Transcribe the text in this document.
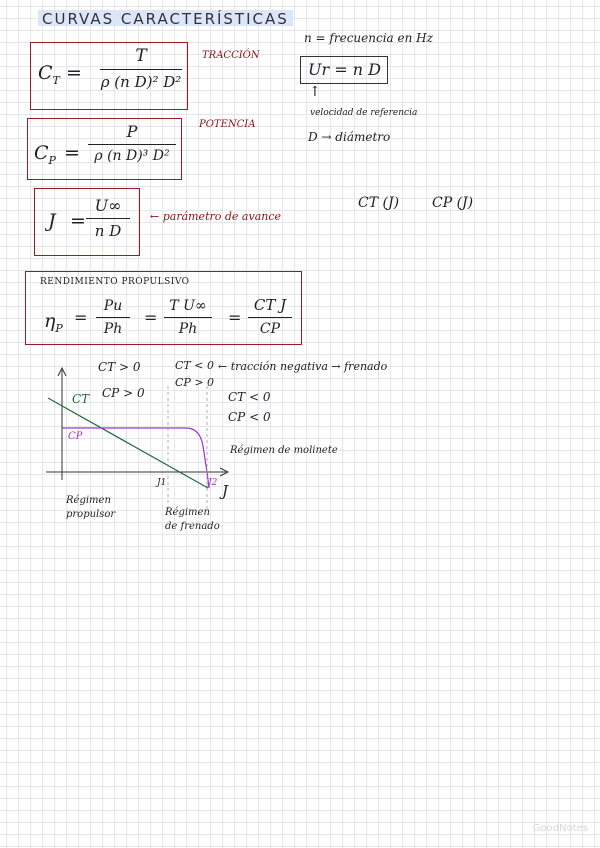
CURVAS CARACTERÍSTICAS
$C_T$ =
T
ρ (n D)² D²
TRACCIÓN
$C_P$ =
P
ρ (n D)³ D²
POTENCIA
J =
U∞
n D
← parámetro de avance
RENDIMIENTO PROPULSIVO
$\eta_P$
=
Pu
Ph
=
T U∞
Ph
=
CT J
CP
n = frecuencia en Hz
Ur = n D
↑
velocidad de referencia
D → diámetro
CT (J) CP (J)
CT > 0
CP > 0
CT < 0
CP > 0
← tracción negativa → frenado
CT < 0
CP < 0
Régimen de molinete
CT
CP
J1	J2 J
Régimen propulsor	Régimen de frenado
GoodNotes
